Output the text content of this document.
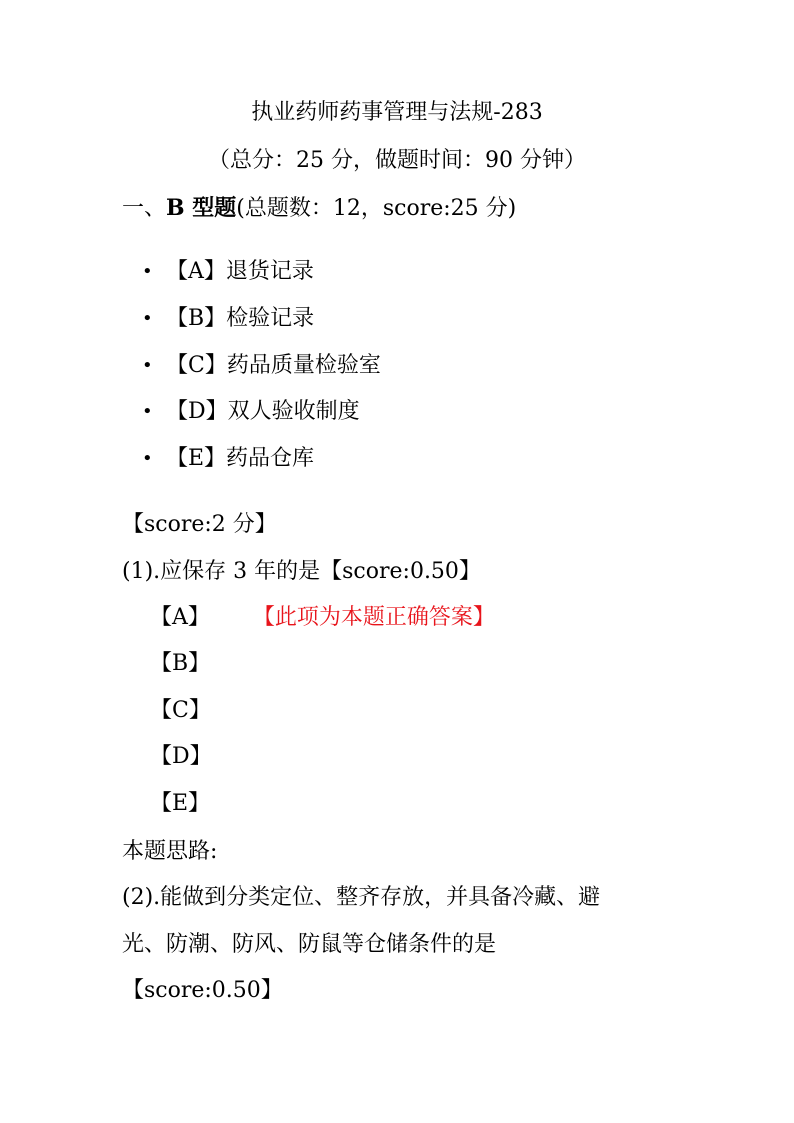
执业药师药事管理与法规-283
（总分：25 分，做题时间：90 分钟）
一、B 型题(总题数：12，score:25 分)
• 【A】退货记录
• 【B】检验记录
• 【C】药品质量检验室
• 【D】双人验收制度
• 【E】药品仓库
【score:2 分】
(1).应保存 3 年的是【score:0.50】
【A】 【此项为本题正确答案】
【B】
【C】
【D】
【E】
本题思路:
(2).能做到分类定位、整齐存放，并具备冷藏、避
光、防潮、防风、防鼠等仓储条件的是
【score:0.50】
